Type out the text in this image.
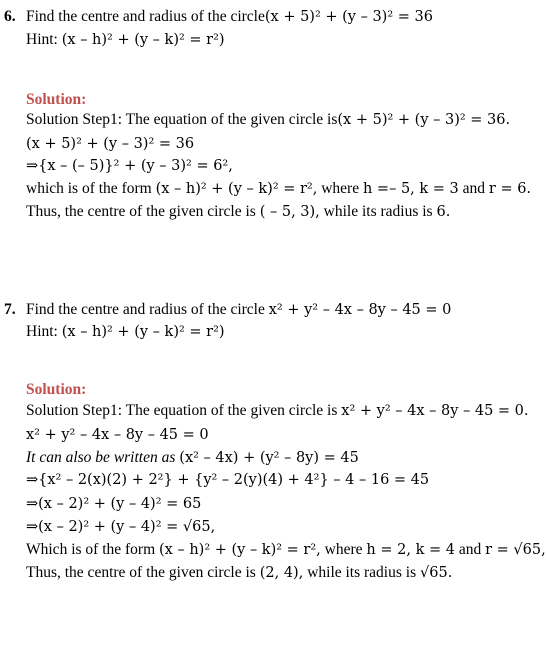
6. Find the centre and radius of the circle(x + 5)² + (y – 3)² = 36
Hint: (x – h)² + (y – k)² = r²)
Solution:
Solution Step1: The equation of the given circle is(x + 5)² + (y – 3)² = 36.
(x + 5)² + (y – 3)² = 36
⇒{x – (– 5)}² + (y – 3)² = 6²,
which is of the form (x – h)² + (y – k)² = r², where h =– 5, k = 3 and r = 6.
Thus, the centre of the given circle is ( – 5, 3), while its radius is 6.
7. Find the centre and radius of the circle x² + y² – 4x – 8y – 45 = 0
Hint: (x – h)² + (y – k)² = r²)
Solution:
Solution Step1: The equation of the given circle is x² + y² – 4x – 8y – 45 = 0.
x² + y² – 4x – 8y – 45 = 0
It can also be written as (x² – 4x) + (y² – 8y) = 45
⇒{x² – 2(x)(2) + 2²} + {y² – 2(y)(4) + 4²} – 4 – 16 = 45
⇒(x – 2)² + (y – 4)² = 65
⇒(x – 2)² + (y – 4)² = √65,
Which is of the form (x – h)² + (y – k)² = r², where h = 2, k = 4 and r = √65,
Thus, the centre of the given circle is (2, 4), while its radius is √65.
